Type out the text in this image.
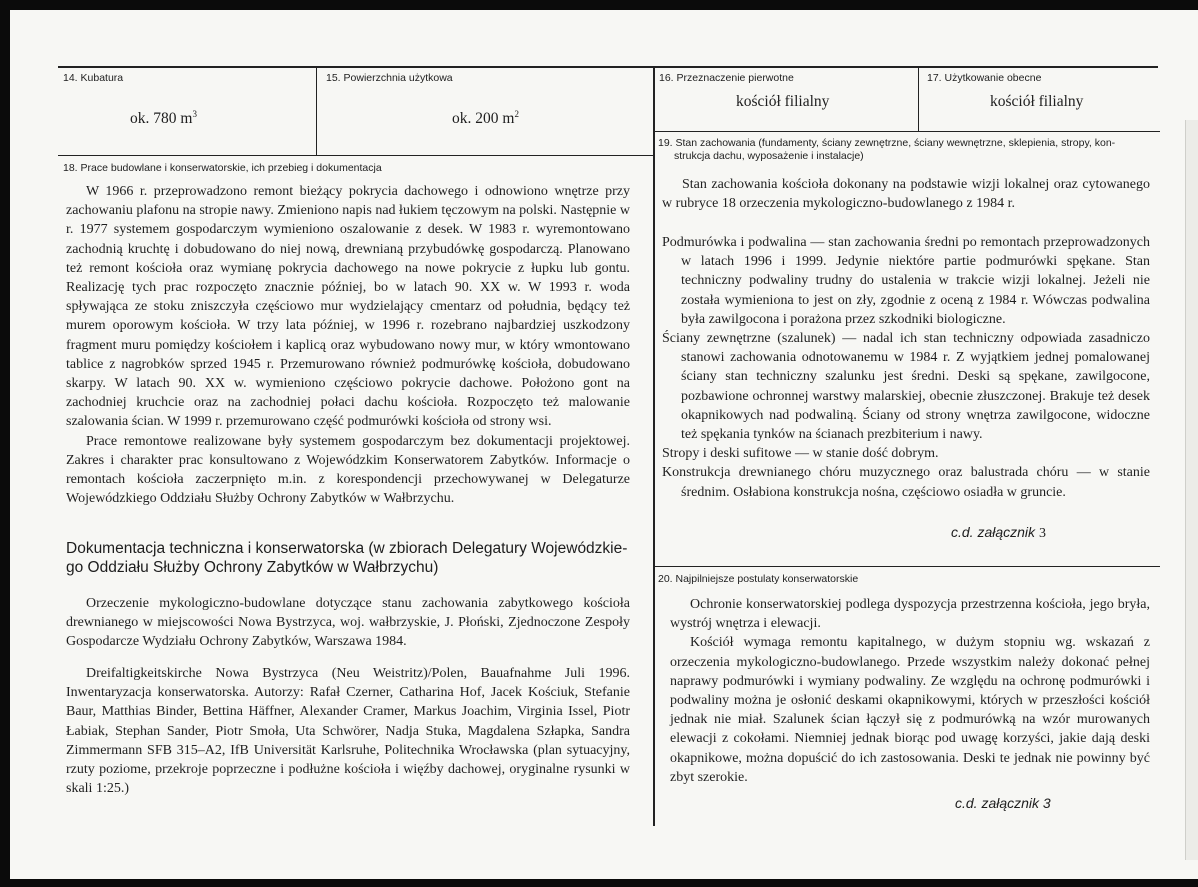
14. Kubatura
ok. 780 $m^3$
15. Powierzchnia użytkowa
ok. 200 $m^2$
16. Przeznaczenie pierwotne
kościół filialny
17. Użytkowanie obecne
kościół filialny
18. Prace budowlane i konserwatorskie, ich przebieg i dokumentacja

W 1966 r. przeprowadzono remont bieżący pokrycia dachowego i odnowiono wnętrze przy zachowaniu plafonu na stropie nawy. Zmieniono napis nad łukiem tęczowym na polski. Następnie w r. 1977 systemem gospodarczym wymieniono oszalowanie z desek. W 1983 r. wyremontowano zachodnią kruchtę i dobudowano do niej nową, drewnianą przybudówkę gospodarczą. Planowano też remont kościoła oraz wymianę pokrycia dachowego na nowe pokrycie z łupku lub gontu. Realizację tych prac rozpoczęto znacznie później, bo w latach 90. XX w. W 1993 r. woda spływająca ze stoku zniszczyła częściowo mur wydzielający cmentarz od południa, będący też murem oporowym kościoła. W trzy lata później, w 1996 r. rozebrano najbardziej uszkodzony fragment muru pomiędzy kościołem i kaplicą oraz wybudowano nowy mur, w który wmontowano tablice z nagrobków sprzed 1945 r. Przemurowano również podmurówkę kościoła, dobudowano skarpy. W latach 90. XX w. wymieniono częściowo pokrycie dachowe. Położono gont na zachodniej kruchcie oraz na zachodniej połaci dachu kościoła. Rozpoczęto też malowanie szalowania ścian. W 1999 r. przemurowano część podmurówki kościoła od strony wsi.

Prace remontowe realizowane były systemem gospodarczym bez dokumentacji projektowej. Zakres i charakter prac konsultowano z Wojewódzkim Konserwatorem Zabytków. Informacje o remontach kościoła zaczerpnięto m.in. z korespondencji przechowywanej w Delegaturze Wojewódzkiego Oddziału Służby Ochrony Zabytków w Wałbrzychu.

Dokumentacja techniczna i konserwatorska (w zbiorach Delegatury Wojewódzkiego Oddziału Służby Ochrony Zabytków w Wałbrzychu)

Orzeczenie mykologiczno-budowlane dotyczące stanu zachowania zabytkowego kościoła drewnianego w miejscowości Nowa Bystrzyca, woj. wałbrzyskie, J. Płoński, Zjednoczone Zespoły Gospodarcze Wydziału Ochrony Zabytków, Warszawa 1984.

Dreifaltigkeitskirche Nowa Bystrzyca (Neu Weistritz)/Polen, Bauafnahme Juli 1996. Inwentaryzacja konserwatorska. Autorzy: Rafał Czerner, Catharina Hof, Jacek Kościuk, Stefanie Baur, Matthias Binder, Bettina Häffner, Alexander Cramer, Markus Joachim, Virginia Issel, Piotr Łabiak, Stephan Sander, Piotr Smoła, Uta Schwörer, Nadja Stuka, Magdalena Szłapka, Sandra Zimmermann SFB 315–A2, IfB Universität Karlsruhe, Politechnika Wrocławska (plan sytuacyjny, rzuty poziome, przekroje poprzeczne i podłużne kościoła i więźby dachowej, oryginalne rysunki w skali 1:25.)

19. Stan zachowania (fundamenty, ściany zewnętrzne, ściany wewnętrzne, sklepienia, stropy, kon-
strukcja dachu, wyposażenie i instalacje)

Stan zachowania kościoła dokonany na podstawie wizji lokalnej oraz cytowanego w rubryce 18 orzeczenia mykologiczno-budowlanego z 1984 r.

Podmurówka i podwalina — stan zachowania średni po remontach przeprowadzonych w latach 1996 i 1999. Jedynie niektóre partie podmurówki spękane. Stan techniczny podwaliny trudny do ustalenia w trakcie wizji lokalnej. Jeżeli nie została wymieniona to jest on zły, zgodnie z oceną z 1984 r. Wówczas podwalina była zawilgocona i porażona przez szkodniki biologiczne.

Ściany zewnętrzne (szalunek) — nadal ich stan techniczny odpowiada zasadniczo stanowi zachowania odnotowanemu w 1984 r. Z wyjątkiem jednej pomalowanej ściany stan techniczny szalunku jest średni. Deski są spękane, zawilgocone, pozbawione ochronnej warstwy malarskiej, obecnie złuszczonej. Brakuje też desek okapnikowych nad podwaliną. Ściany od strony wnętrza zawilgocone, widoczne też spękania tynków na ścianach prezbiterium i nawy.

Stropy i deski sufitowe — w stanie dość dobrym.

Konstrukcja drewnianego chóru muzycznego oraz balustrada chóru — w stanie średnim. Osłabiona konstrukcja nośna, częściowo osiadła w gruncie.

c.d. załącznik 3
20. Najpilniejsze postulaty konserwatorskie

Ochronie konserwatorskiej podlega dyspozycja przestrzenna kościoła, jego bryła, wystrój wnętrza i elewacji.

Kościół wymaga remontu kapitalnego, w dużym stopniu wg. wskazań z orzeczenia mykologiczno-budowlanego. Przede wszystkim należy dokonać pełnej naprawy podmurówki i wymiany podwaliny. Ze względu na ochronę podmurówki i podwaliny można je osłonić deskami okapnikowymi, których w przeszłości kościół jednak nie miał. Szalunek ścian łączył się z podmurówką na wzór murowanych elewacji z cokołami. Niemniej jednak biorąc pod uwagę korzyści, jakie dają deski okapnikowe, można dopuścić do ich zastosowania. Deski te jednak nie powinny być zbyt szerokie.

c.d. załącznik 3
